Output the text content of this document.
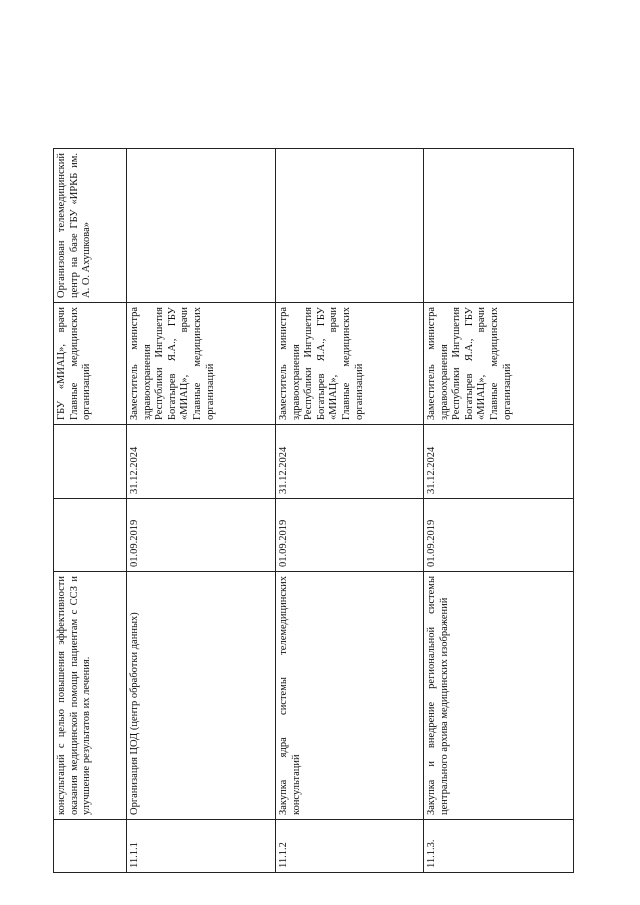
	консультаций с целью повышения эффективности оказания медицинской помощи пациентам с ССЗ и улучшение результатов их лечения.			ГБУ «МИАЦ», врачи Главные медицинских организаций	Организован телемедицинский центр на базе ГБУ «ИРКБ им. А. О. Ахушкова»
11.1.1	Организация ЦОД (центр обработки данных)	01.09.2019	31.12.2024	Заместитель министра здравоохранения Республики Ингушетия Богатырев Я.А., ГБУ «МИАЦ», врачи Главные медицинских организаций	
11.1.2	Закупка ядра системы телемедицинских консультаций	01.09.2019	31.12.2024	Заместитель министра здравоохранения Республики Ингушетия Богатырев Я.А., ГБУ «МИАЦ», врачи Главные медицинских организаций	
11.1.3.	Закупка и внедрение региональной системы центрального архива медицинских изображений	01.09.2019	31.12.2024	Заместитель министра здравоохранения Республики Ингушетия Богатырев Я.А., ГБУ «МИАЦ», врачи Главные медицинских организаций	
